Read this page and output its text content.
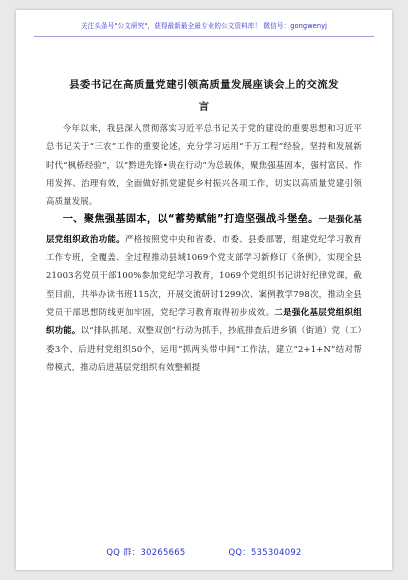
关注头条号"公文研究"，获得最新最全最专业的公文资料库！ 微信号：gongwenyj
县委书记在高质量党建引领高质量发展座谈会上的交流发
言

今年以来，我县深入贯彻落实习近平总书记关于党的建设的重要思想和习近平总书记关于“三农”工作的重要论述，充分学习运用“千万工程”经验，坚持和发展新时代“枫桥经验”，以“黔进先锋•贵在行动”为总载体，聚焦强基固本，强村富民、作用发挥、治理有效，全面做好抓党建促乡村振兴各项工作，切实以高质量党建引领高质量发展。

一、聚焦强基固本，以“蓄势赋能”打造坚强战斗堡垒。一是强化基层党组织政治功能。严格按照党中央和省委、市委、县委部署，组建党纪学习教育工作专班，全覆盖、全过程推动县域1069个党支部学习新修订《条例》，实现全县21003名党员干部100%参加党纪学习教育，1069个党组织书记讲好纪律党课，截至目前，共举办读书班115次，开展交流研讨1299次、案例教学798次，推动全县党员干部思想防线更加牢固，党纪学习教育取得初步成效。二是强化基层党组织组织功能。以“排队抓尾、双整双创”行动为抓手，抄底排查后进乡镇（街道）党（工）委3个、后进村党组织50个，运用“抓两头带中间”工作法，建立“2+1+N”结对帮带模式，推动后进基层党组织有效整顿提

QQ 群：30265665	QQ：535304092
